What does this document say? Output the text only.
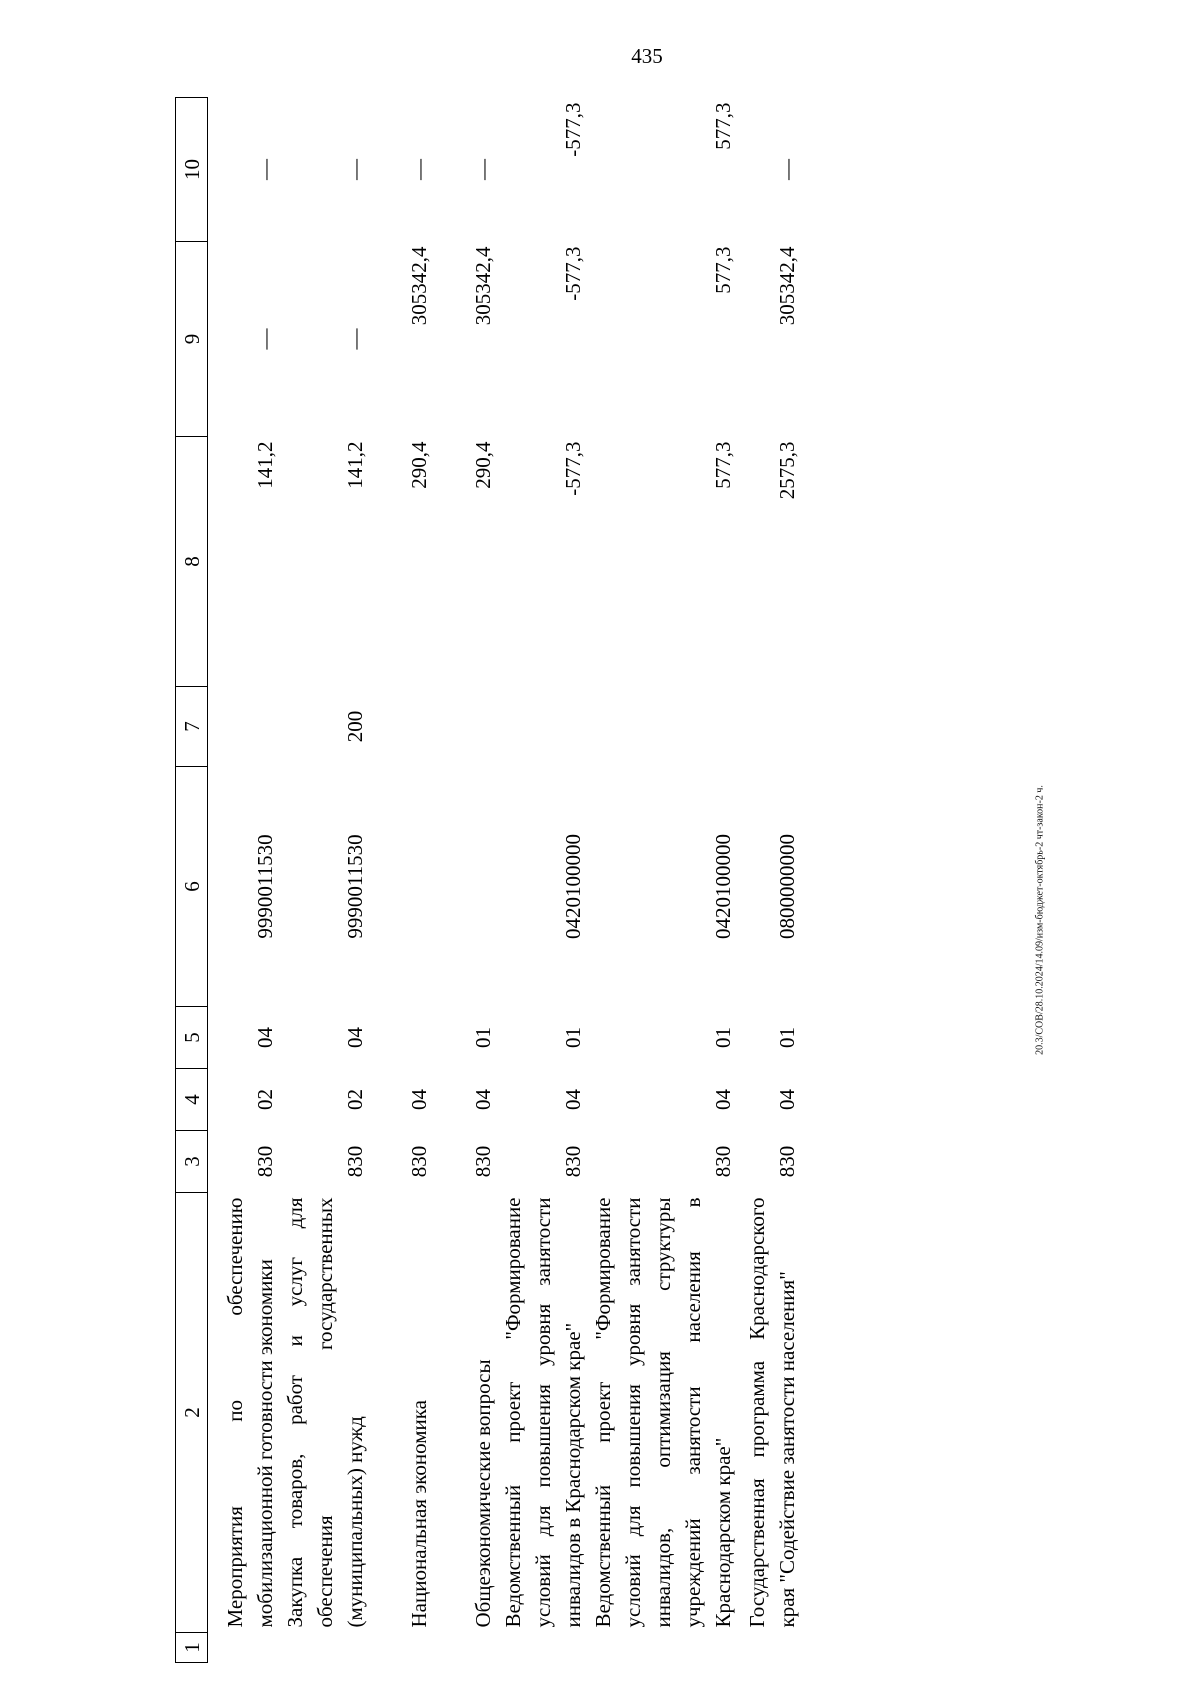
435
1	2	3	4	5	6	7	8	9	10
	Мероприятия по обеспечению мобилизационной готовности экономики	830	02	04	9990011530		141,2	—	—
	Закупка товаров, работ и услуг для обеспечения государственных (муниципальных) нужд	830	02	04	9990011530	200	141,2	—	—
	Национальная экономика	830	04				290,4	305342,4	—
	Общеэкономические вопросы	830	04	01			290,4	305342,4	—
	Ведомственный проект "Формирование условий для повышения уровня занятости инвалидов в Краснодарском крае"	830	04	01	0420100000		-577,3	-577,3	-577,3
	Ведомственный проект "Формирование условий для повышения уровня занятости инвалидов, оптимизация структуры учреждений занятости населения в Краснодарском крае"	830	04	01	0420100000		577,3	577,3	577,3
	Государственная программа Краснодарского края "Содействие занятости населения"	830	04	01	0800000000		2575,3	305342,4	—
20.3/СОВ/28.10.2024/14.09/изм-бюджет-октябрь-2 чт-закон-2 ч.
